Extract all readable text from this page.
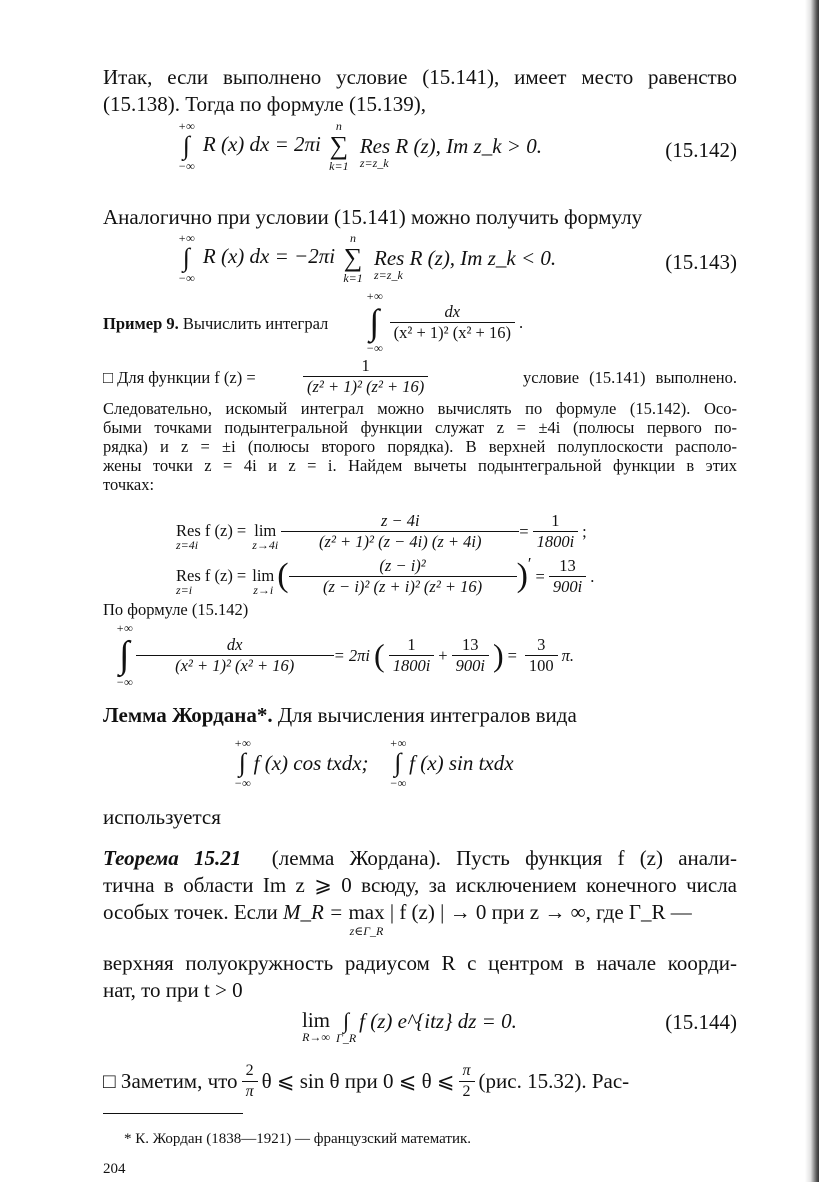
Итак, если выполнено условие (15.141), имеет место равенство
(15.138). Тогда по формуле (15.139),
+∞
∫
−∞
R (x) dx = 2πi
n
∑
k=1

Res R (z), Im z_k > 0.
z=z_k
(15.142)
Аналогично при условии (15.141) можно получить формулу
+∞
∫
−∞
R (x) dx = −2πi
n
∑
k=1

Res R (z), Im z_k < 0.
z=z_k
(15.143)
Пример 9. Вычислить интеграл
+∞
∫
−∞
$\frac{dx}{\text{(x² + 1)² (x² + 16)}}$ .
□ Для функции f (z) =	$\frac{1}{\text{(z² + 1)² (z² + 16)}}$	условие (15.141) выполнено.
Следовательно, искомый интеграл можно вычислять по формуле (15.142). Осо-
быми точками подынтегральной функции служат z = ±4i (полюсы первого по-
рядка) и z = ±i (полюсы второго порядка). В верхней полуплоскости располо-
жены точки z = 4i и z = i. Найдем вычеты подынтегральной функции в этих
точках:
Res f (z) =
z=4i
lim
$z\to 4i \frac{z - 4i}{\text{(z² + 1)² (z − 4i) (z + 4i)}} = \frac{1}{1800i}$ ;
Res f (z) =
z=i
lim
z→i ( $\frac{\text{(z − i)²}}{\text{(z − i)² (z + i)² (z² + 16)}}$ ) ′
= $\frac{13}{900i}$ .
По формуле (15.142)
+∞
∫
−∞
$\frac{dx}{\text{(x² + 1)² (x² + 16)}} = 2\pi i$ ( $\frac{1}{1800i} + \frac{13}{900i}$ ) = $\frac{3}{100} \pi$.
Лемма Жордана*. Для вычисления интегралов вида
+∞
∫
−∞
f (x) cos txdx;
+∞
∫
−∞
f (x) sin txdx
используется
Теорема 15.21 (лемма Жордана). Пусть функция f (z) анали-
тична в области Im z ⩾ 0 всюду, за исключением конечного числа
особых точек. Если
M_R =
max
z∈Γ_R

| f (z) | → 0 при z → ∞, где Γ_R —
верхняя полуокружность радиусом R с центром в начале коорди-
нат, то при t > 0
lim
R→∞
∫
Γ_R
f (z) e^{itz} dz = 0.	(15.144)
□ Заметим, что $\frac{2}{\pi}$ θ ⩽ sin θ при 0 ⩽ θ ⩽ $\frac{\pi}{2} (рис$. 15.32). Рас-
* К. Жордан (1838—1921) — французский математик.
204
